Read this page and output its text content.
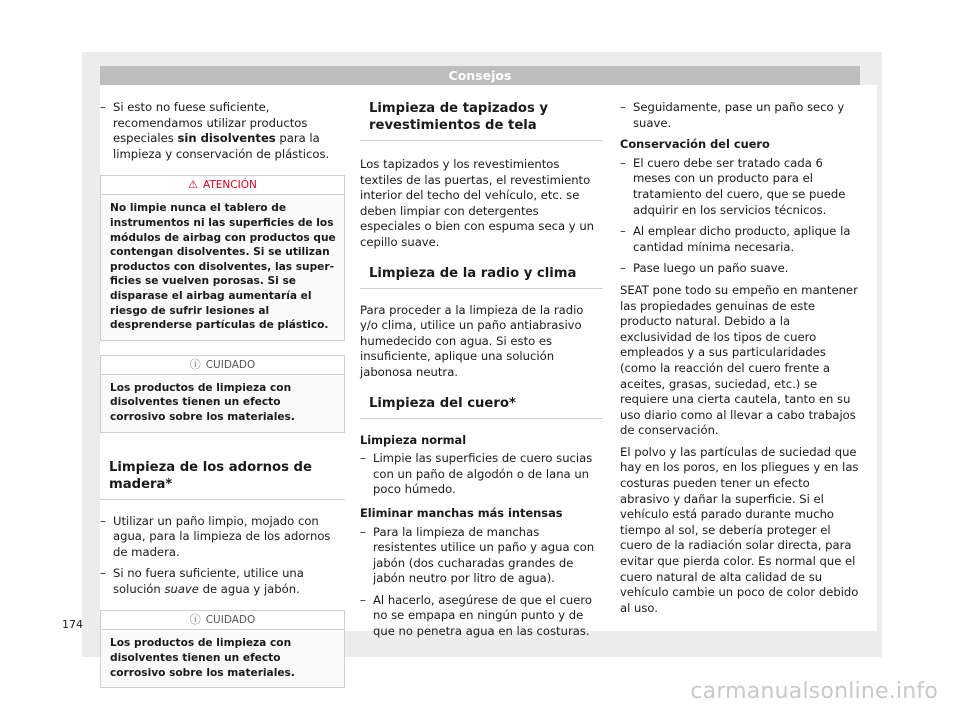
Consejos
– Si esto no fuese suficiente, recomendamos utilizar productos especiales sin disolventes para la limpieza y conservación de plásticos.
⚠ ATENCIÓN
No limpie nunca el tablero de instrumentos ni las superficies de los módulos de airbag con productos que contengan disolventes. Si se utilizan productos con disolventes, las superficies se vuelven porosas. Si se disparase el airbag aumentaría el riesgo de sufrir lesiones al desprenderse partículas de plástico.
ⓘ CUIDADO
Los productos de limpieza con disolventes tienen un efecto corrosivo sobre los materiales.
Limpieza de los adornos de madera*
– Utilizar un paño limpio, mojado con agua, para la limpieza de los adornos de madera.
– Si no fuera suficiente, utilice una solución suave de agua y jabón.
ⓘ CUIDADO
Los productos de limpieza con disolventes tienen un efecto corrosivo sobre los materiales.
Limpieza de tapizados y revestimientos de tela

Los tapizados y los revestimientos textiles de las puertas, el revestimiento interior del techo del vehículo, etc. se deben limpiar con detergentes especiales o bien con espuma seca y un cepillo suave.

Limpieza de la radio y clima

Para proceder a la limpieza de la radio y/o clima, utilice un paño antiabrasivo humedecido con agua. Si esto es insuficiente, aplique una solución jabonosa neutra.

Limpieza del cuero*
Limpieza normal
– Limpie las superficies de cuero sucias con un paño de algodón o de lana un poco húmedo.
Eliminar manchas más intensas
– Para la limpieza de manchas resistentes utilice un paño y agua con jabón (dos cucharadas grandes de jabón neutro por litro de agua).
– Al hacerlo, asegúrese de que el cuero no se empapa en ningún punto y de que no penetra agua en las costuras.
– Seguidamente, pase un paño seco y suave.
Conservación del cuero
– El cuero debe ser tratado cada 6 meses con un producto para el tratamiento del cuero, que se puede adquirir en los servicios técnicos.
– Al emplear dicho producto, aplique la cantidad mínima necesaria.
– Pase luego un paño suave.

SEAT pone todo su empeño en mantener las propiedades genuinas de este producto natural. Debido a la exclusividad de los tipos de cuero empleados y a sus particularidades (como la reacción del cuero frente a aceites, grasas, suciedad, etc.) se requiere una cierta cautela, tanto en su uso diario como al llevar a cabo trabajos de conservación.

El polvo y las partículas de suciedad que hay en los poros, en los pliegues y en las costuras pueden tener un efecto abrasivo y dañar la superficie. Si el vehículo está parado durante mucho tiempo al sol, se debería proteger el cuero de la radiación solar directa, para evitar que pierda color. Es normal que el cuero natural de alta calidad de su vehículo cambie un poco de color debido al uso.

174
carmanualsonline.info
